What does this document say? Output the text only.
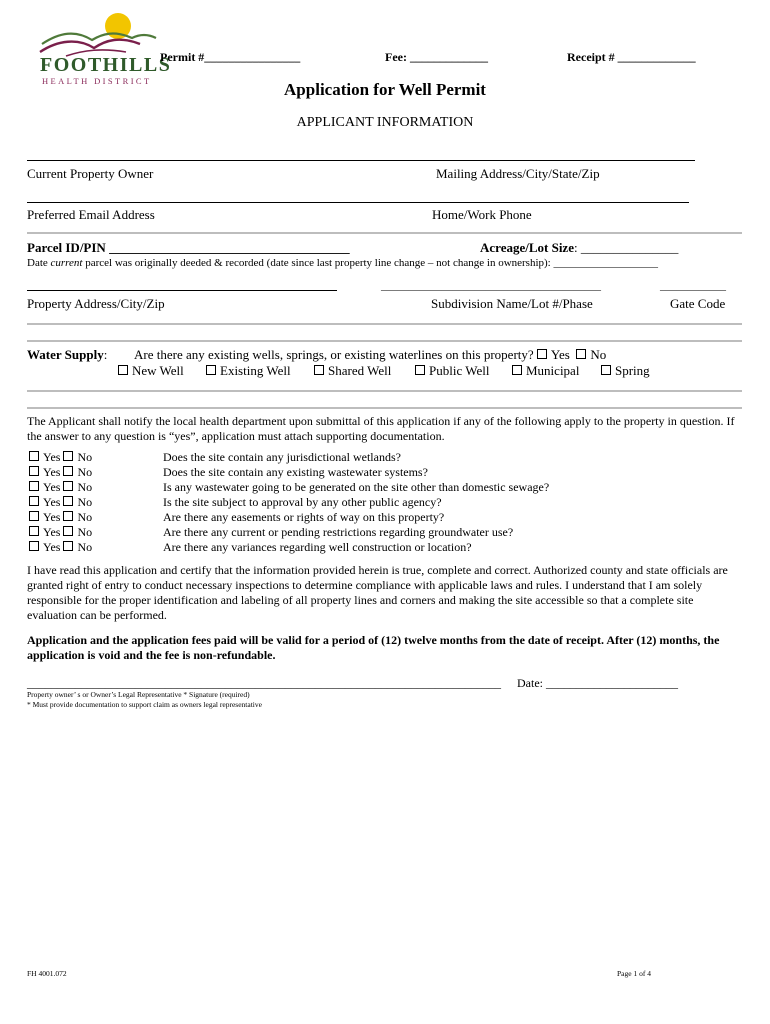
FOOTHILLS
HEALTH DISTRICT
Permit #________________	Fee: _____________	Receipt # _____________
Application for Well Permit
APPLICANT INFORMATION
Current Property Owner	Mailing Address/City/State/Zip
Preferred Email Address	Home/Work Phone
Parcel ID/PIN _____________________________________	Acreage/Lot Size: _______________
Date current parcel was originally deeded & recorded (date since last property line change – not change in ownership): ___________________
________________________________________	____________
Property Address/City/Zip	Subdivision Name/Lot #/Phase	Gate Code
Water Supply: Are there any existing wells, springs, or existing waterlines on this property? Yes No
New Well	Existing Well	Shared Well	Public Well	Municipal	Spring
The Applicant shall notify the local health department upon submittal of this application if any of the following apply to the property in question. If the answer to any question is “yes”, application must attach supporting documentation.
Yes No	Does the site contain any jurisdictional wetlands?
Yes No	Does the site contain any existing wastewater systems?
Yes No	Is any wastewater going to be generated on the site other than domestic sewage?
Yes No	Is the site subject to approval by any other public agency?
Yes No	Are there any easements or rights of way on this property?
Yes No	Are there any current or pending restrictions regarding groundwater use?
Yes No	Are there any variances regarding well construction or location?
I have read this application and certify that the information provided herein is true, complete and correct. Authorized county and state officials are granted right of entry to conduct necessary inspections to determine compliance with applicable laws and rules. I understand that I am solely responsible for the proper identification and labeling of all property lines and corners and making the site accessible so that a complete site evaluation can be performed.
Application and the application fees paid will be valid for a period of (12) twelve months from the date of receipt. After (12) months, the application is void and the fee is non-refundable.
_______________________________________________________________________________ Date: ______________________
Property owner’ s or Owner’s Legal Representative * Signature (required)
* Must provide documentation to support claim as owners legal representative
FH 4001.072	Page 1 of 4
